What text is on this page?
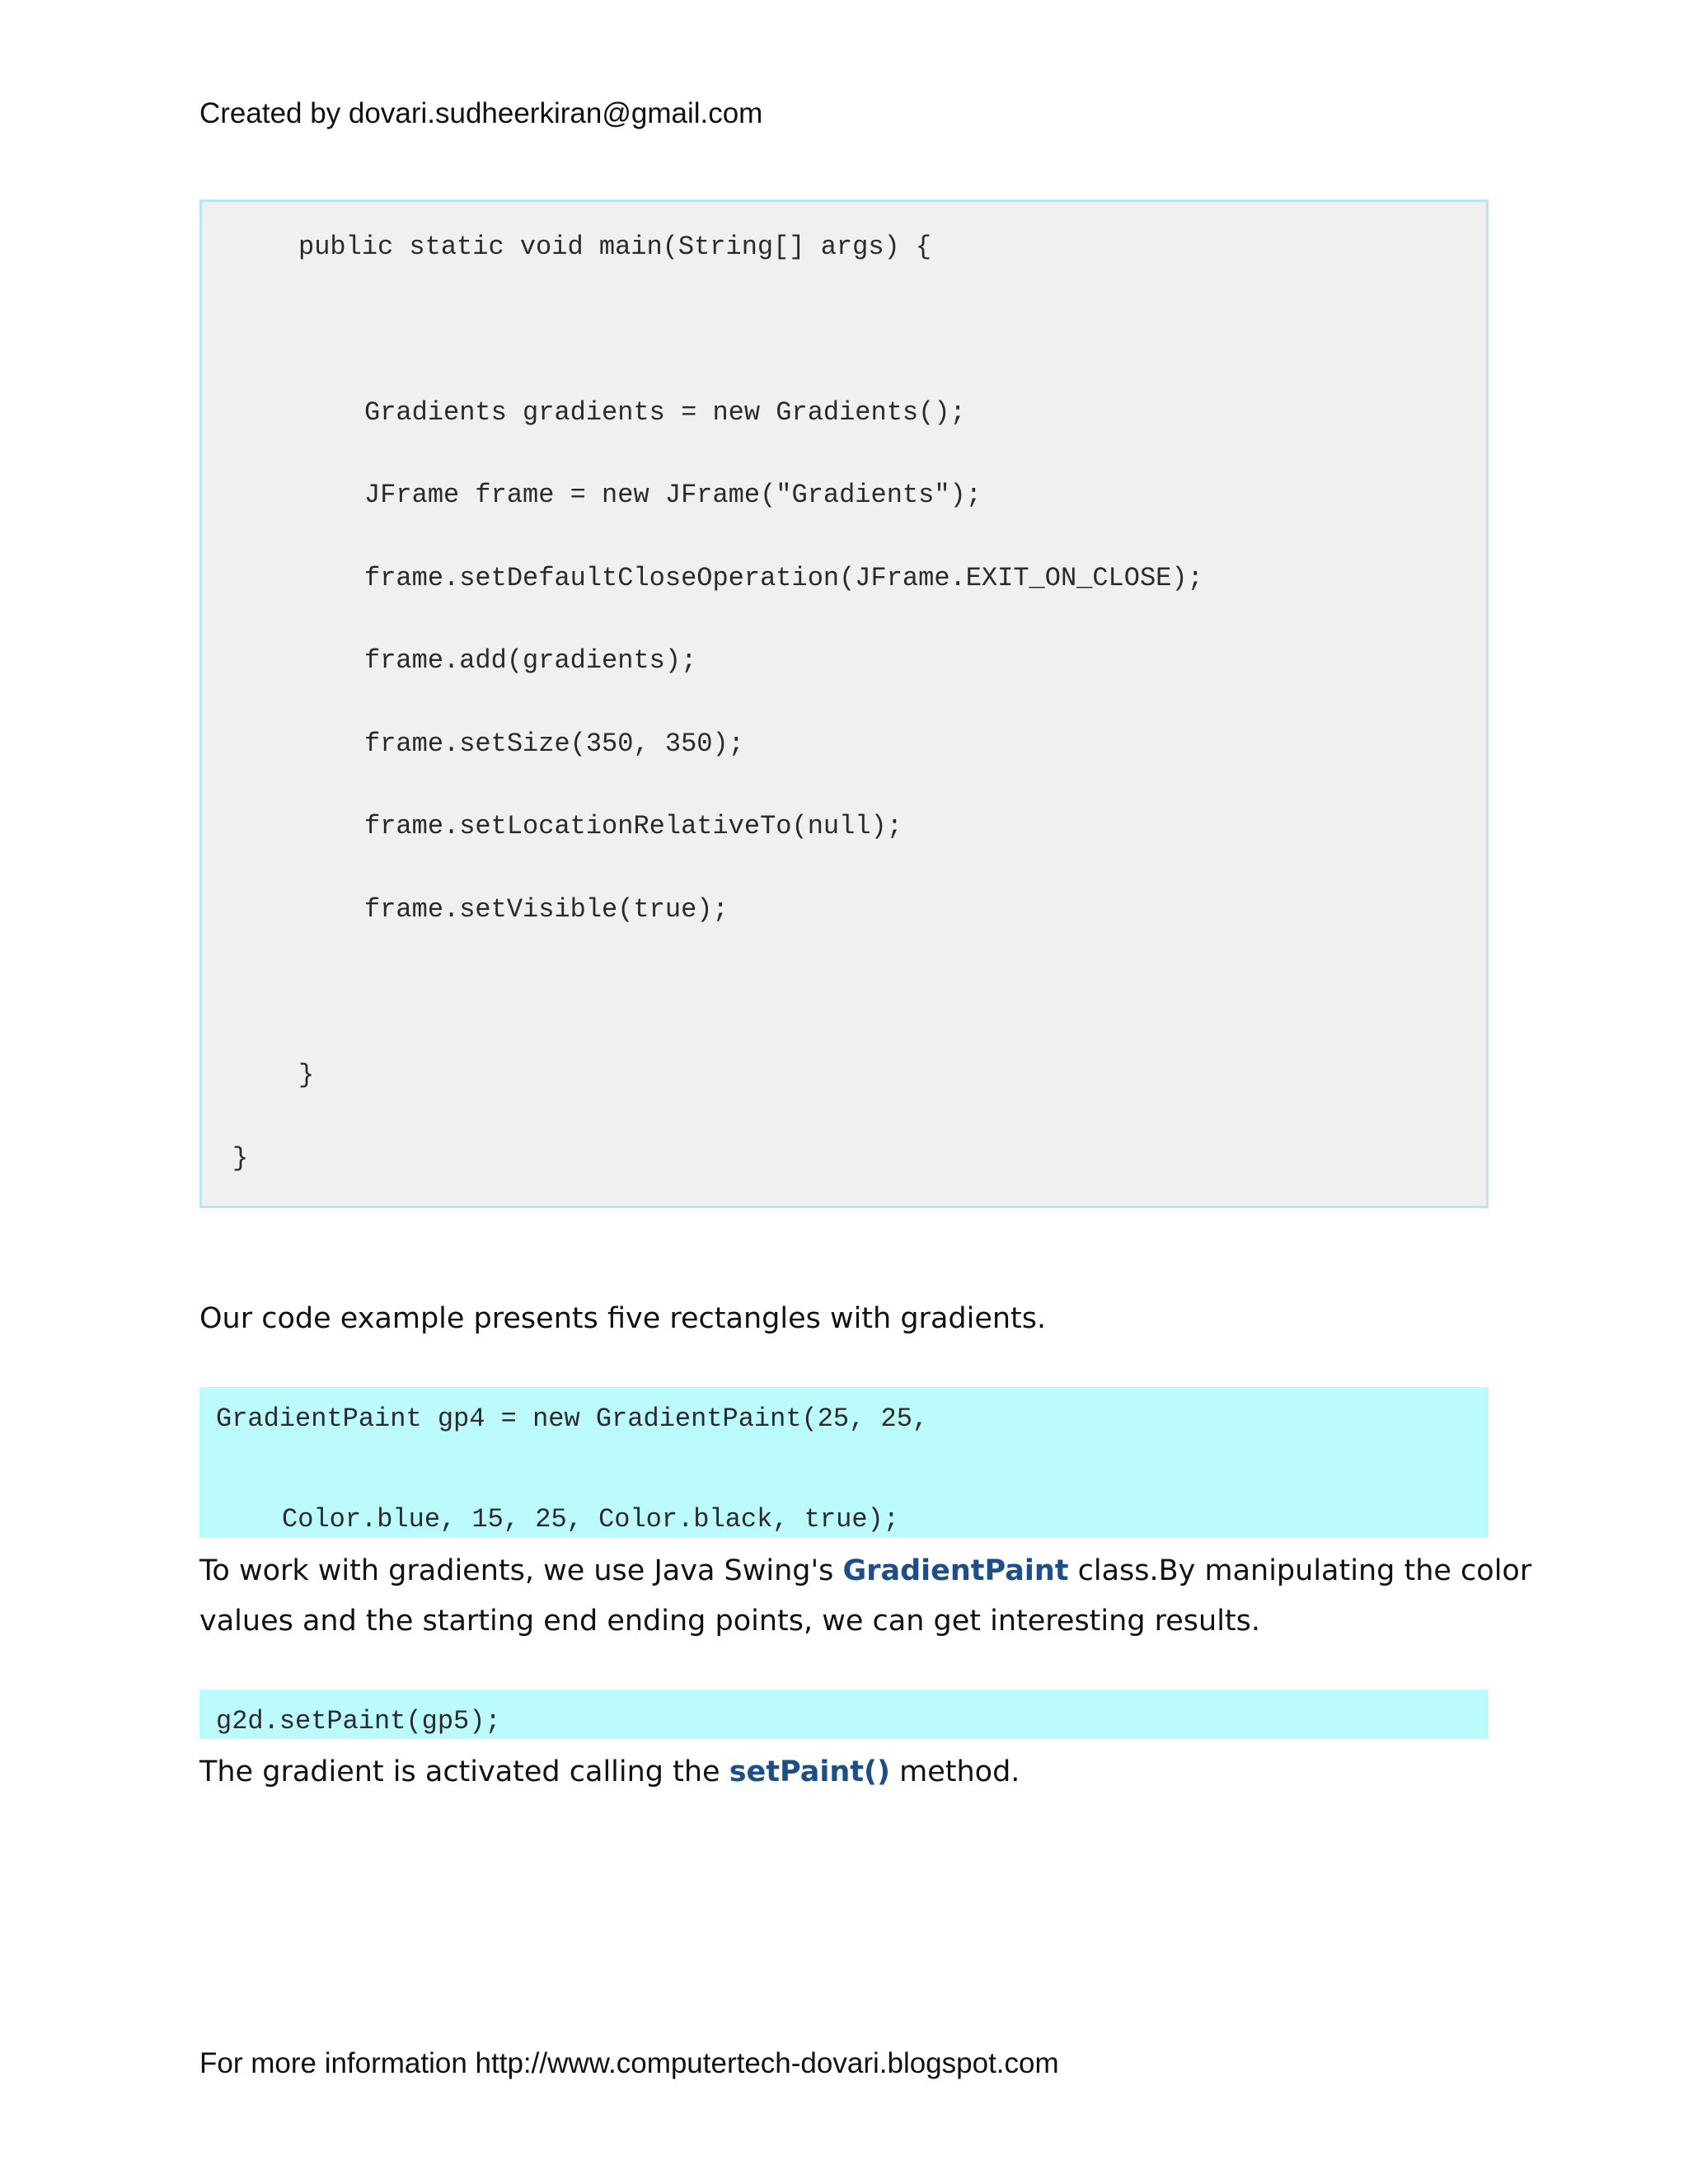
Created by dovari.sudheerkiran@gmail.com
public static void main(String[] args) {
Gradients gradients = new Gradients();
JFrame frame = new JFrame("Gradients");
frame.setDefaultCloseOperation(JFrame.EXIT_ON_CLOSE);
frame.add(gradients);
frame.setSize(350, 350);
frame.setLocationRelativeTo(null);
frame.setVisible(true);
}
}
Our code example presents five rectangles with gradients.
GradientPaint gp4 = new GradientPaint(25, 25,
Color.blue, 15, 25, Color.black, true);
To work with gradients, we use Java Swing's GradientPaint class.By manipulating the color
values and the starting end ending points, we can get interesting results.
g2d.setPaint(gp5);
The gradient is activated calling the setPaint() method.
For more information http://www.computertech-dovari.blogspot.com
